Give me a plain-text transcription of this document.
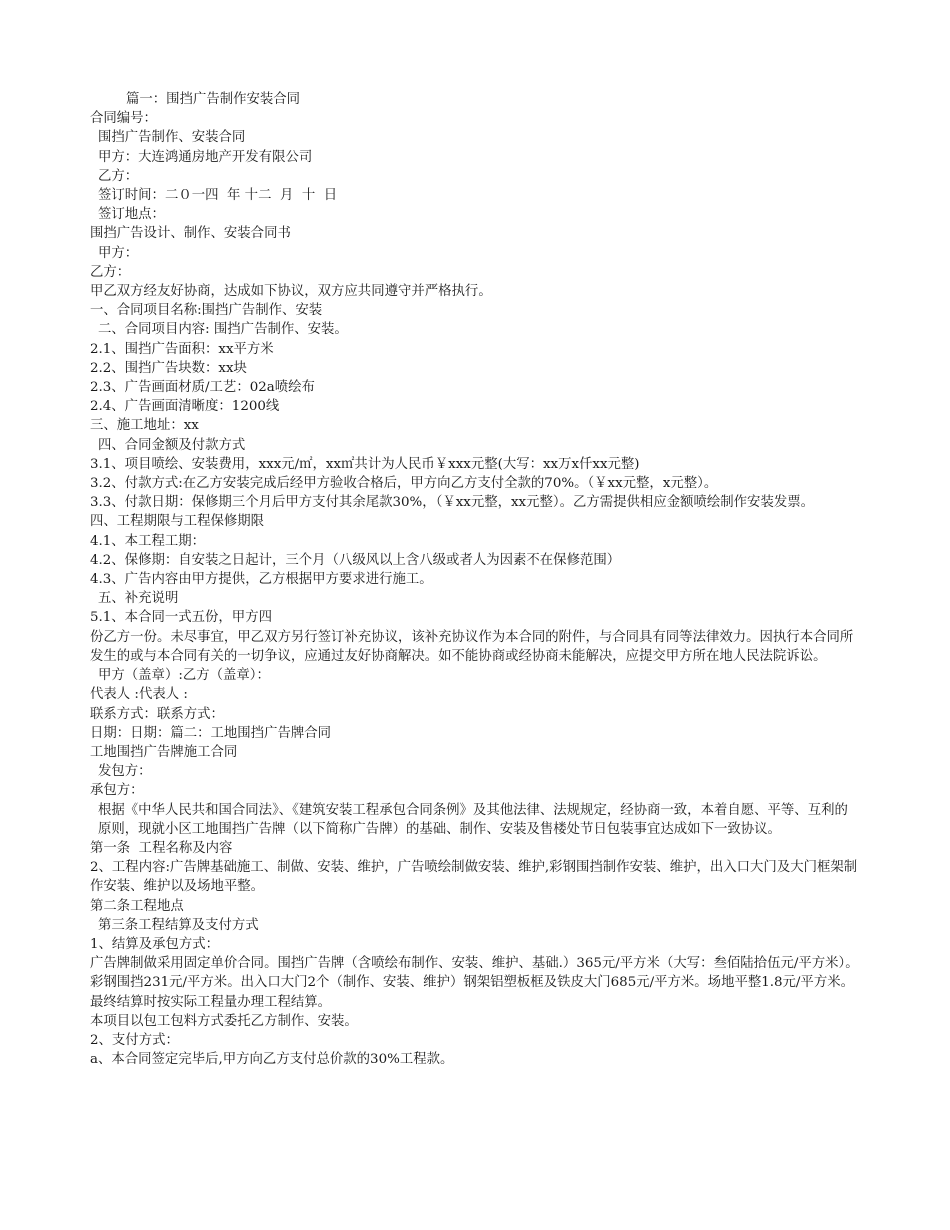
篇一：围挡广告制作安装合同
合同编号：
围挡广告制作、安装合同
甲方：大连鸿通房地产开发有限公司
乙方：
签订时间：二０一四  年 十二  月  十  日
签订地点：
围挡广告设计、制作、安装合同书
甲方：
乙方：
甲乙双方经友好协商，达成如下协议，双方应共同遵守并严格执行。
一、合同项目名称:围挡广告制作、安装
二、合同项目内容: 围挡广告制作、安装。
2.1、围挡广告面积：xx平方米
2.2、围挡广告块数：xx块
2.3、广告画面材质/工艺：02a喷绘布
2.4、广告画面清晰度：1200线
三、施工地址：xx
四、合同金额及付款方式
3.1、项目喷绘、安装费用，xxx元/㎡，xx㎡共计为人民币￥xxx元整(大写：xx万x仟xx元整)
3.2、付款方式:在乙方安装完成后经甲方验收合格后，甲方向乙方支付全款的70%。（￥xx元整，x元整）。
3.3、付款日期：保修期三个月后甲方支付其余尾款30%，（￥xx元整，xx元整）。乙方需提供相应金额喷绘制作安装发票。
四、工程期限与工程保修期限
4.1、本工程工期：
4.2、保修期：自安装之日起计，三个月（八级风以上含八级或者人为因素不在保修范围）
4.3、广告内容由甲方提供，乙方根据甲方要求进行施工。
五、补充说明
5.1、本合同一式五份，甲方四
份乙方一份。未尽事宜，甲乙双方另行签订补充协议，该补充协议作为本合同的附件，与合同具有同等法律效力。因执行本合同所发生的或与本合同有关的一切争议，应通过友好协商解决。如不能协商或经协商未能解决，应提交甲方所在地人民法院诉讼。
甲方（盖章）:乙方（盖章）：
代表人 :代表人 :
联系方式：联系方式：
日期：日期：篇二：工地围挡广告牌合同
工地围挡广告牌施工合同
发包方：
承包方：
根据《中华人民共和国合同法》、《建筑安装工程承包合同条例》及其他法律、法规规定，经协商一致，本着自愿、平等、互利的原则，现就小区工地围挡广告牌（以下简称广告牌）的基础、制作、安装及售楼处节日包装事宜达成如下一致协议。
第一条  工程名称及内容
2、工程内容:广告牌基础施工、制做、安装、维护，广告喷绘制做安装、维护,彩钢围挡制作安装、维护，出入口大门及大门框架制作安装、维护以及场地平整。
第二条工程地点
第三条工程结算及支付方式
1、结算及承包方式：
广告牌制做采用固定单价合同。围挡广告牌（含喷绘布制作、安装、维护、基础.）365元/平方米（大写：叁佰陆拾伍元/平方米）。彩钢围挡231元/平方米。出入口大门2个（制作、安装、维护）钢架铝塑板框及铁皮大门685元/平方米。场地平整1.8元/平方米。最终结算时按实际工程量办理工程结算。
本项目以包工包料方式委托乙方制作、安装。
2、支付方式：
a、本合同签定完毕后,甲方向乙方支付总价款的30%工程款。
